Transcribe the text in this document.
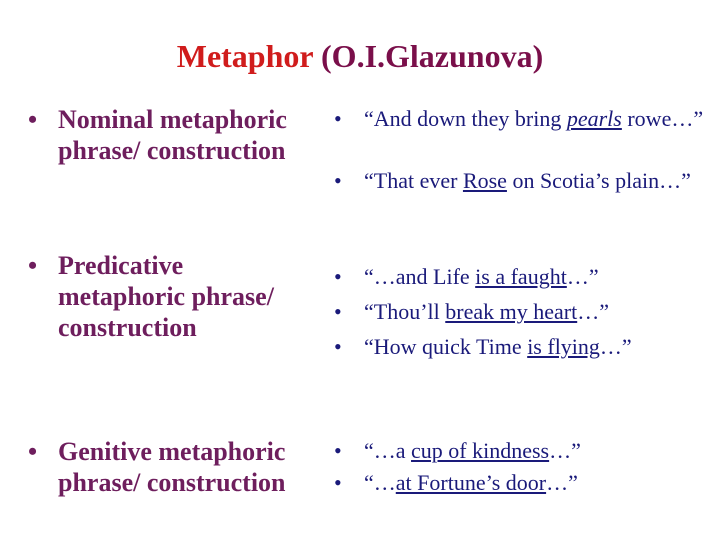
Metaphor (O.I.Glazunova)
• Nominal metaphoric phrase/ construction
•	“And down they bring pearls rowe…”
•	“That ever Rose on Scotia’s plain…”
• Predicative metaphoric phrase/ construction
•	“…and Life is a faught…”
•	“Thou’ll break my heart…”
•	“How quick Time is flying…”
• Genitive metaphoric phrase/ construction
•	“…a cup of kindness…”
•	“…at Fortune’s door…”
